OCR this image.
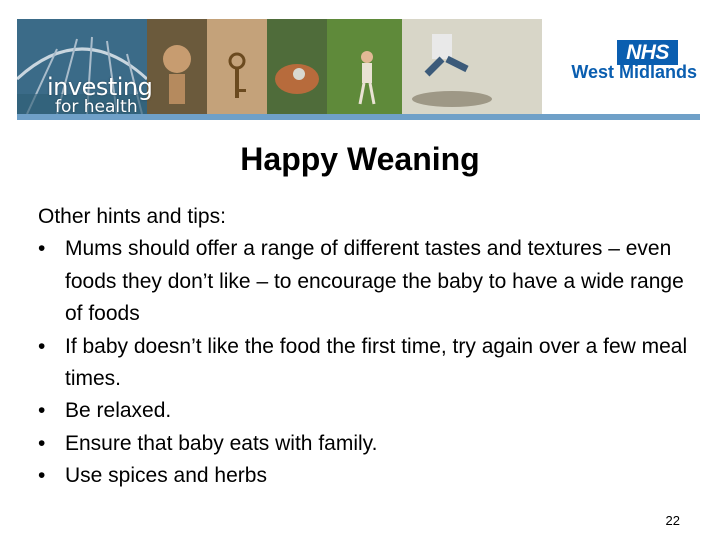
investing
for health
NHS
West Midlands
Happy Weaning
Other hints and tips:
• Mums should offer a range of different tastes and textures – even foods they don’t like – to encourage the baby to have a wide range of foods
• If baby doesn’t like the food the first time, try again over a few meal times.
• Be relaxed.
• Ensure that baby eats with family.
• Use spices and herbs
22
